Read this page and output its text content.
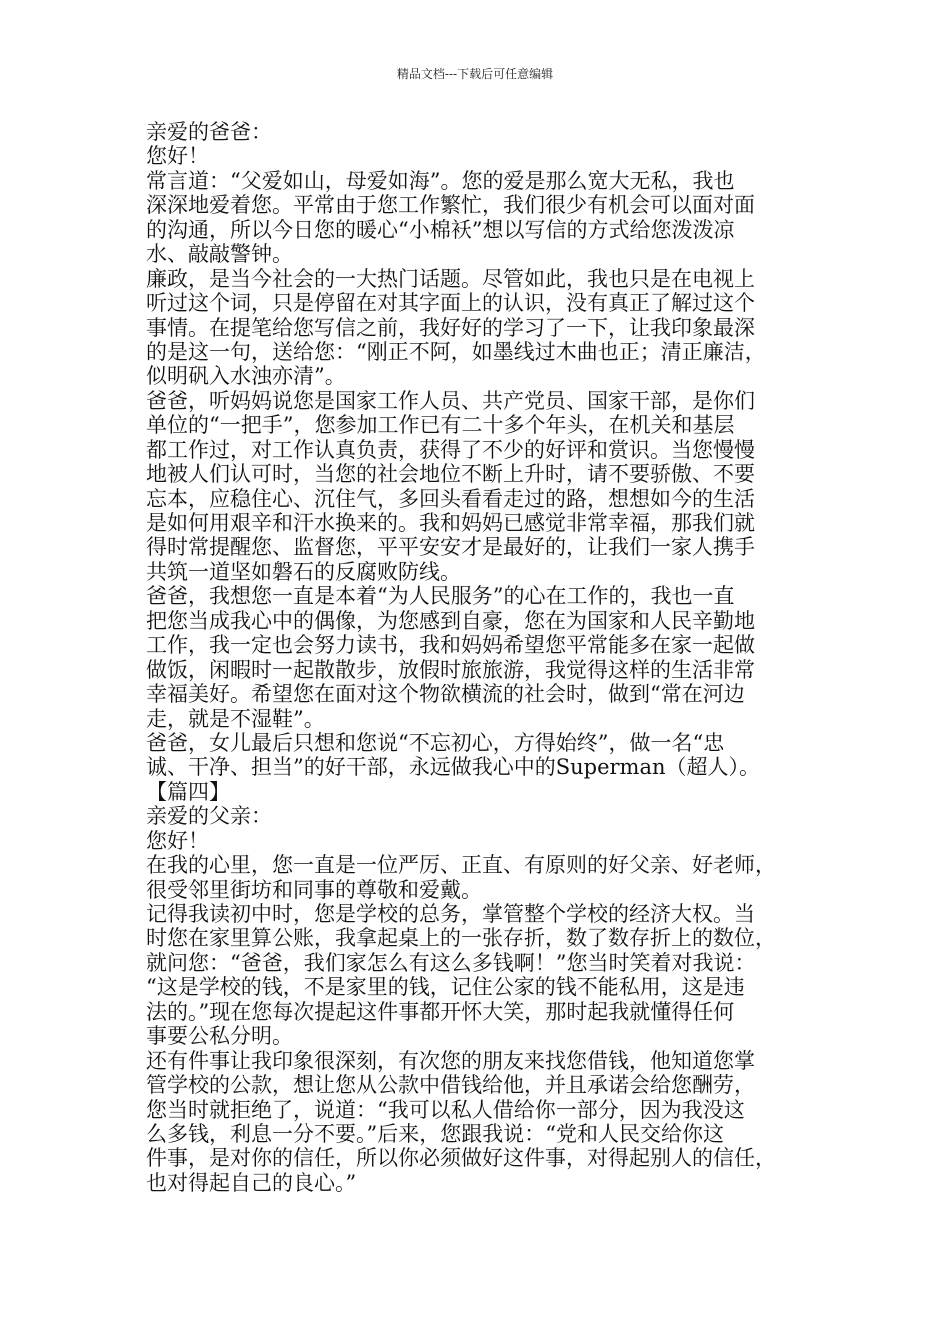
精品文档---下载后可任意编辑
亲爱的爸爸：
您好！
常言道：“父爱如山，母爱如海”。您的爱是那么宽大无私，我也
深深地爱着您。平常由于您工作繁忙，我们很少有机会可以面对面
的沟通，所以今日您的暖心“小棉袄”想以写信的方式给您泼泼凉
水、敲敲警钟。
廉政，是当今社会的一大热门话题。尽管如此，我也只是在电视上
听过这个词，只是停留在对其字面上的认识，没有真正了解过这个
事情。在提笔给您写信之前，我好好的学习了一下，让我印象最深
的是这一句，送给您：“刚正不阿，如墨线过木曲也正；清正廉洁，
似明矾入水浊亦清”。
爸爸，听妈妈说您是国家工作人员、共产党员、国家干部，是你们
单位的“一把手”，您参加工作已有二十多个年头，在机关和基层
都工作过，对工作认真负责，获得了不少的好评和赏识。当您慢慢
地被人们认可时，当您的社会地位不断上升时，请不要骄傲、不要
忘本，应稳住心、沉住气，多回头看看走过的路，想想如今的生活
是如何用艰辛和汗水换来的。我和妈妈已感觉非常幸福，那我们就
得时常提醒您、监督您，平平安安才是最好的，让我们一家人携手
共筑一道坚如磐石的反腐败防线。
爸爸，我想您一直是本着“为人民服务”的心在工作的，我也一直
把您当成我心中的偶像，为您感到自豪，您在为国家和人民辛勤地
工作，我一定也会努力读书，我和妈妈希望您平常能多在家一起做
做饭，闲暇时一起散散步，放假时旅旅游，我觉得这样的生活非常
幸福美好。希望您在面对这个物欲横流的社会时，做到“常在河边
走，就是不湿鞋”。
爸爸，女儿最后只想和您说“不忘初心，方得始终”，做一名“忠
诚、干净、担当”的好干部，永远做我心中的Superman（超人）。
【篇四】
亲爱的父亲：
您好！
在我的心里，您一直是一位严厉、正直、有原则的好父亲、好老师，
很受邻里街坊和同事的尊敬和爱戴。
记得我读初中时，您是学校的总务，掌管整个学校的经济大权。当
时您在家里算公账，我拿起桌上的一张存折，数了数存折上的数位，
就问您：“爸爸，我们家怎么有这么多钱啊！”您当时笑着对我说：
“这是学校的钱，不是家里的钱，记住公家的钱不能私用，这是违
法的。”现在您每次提起这件事都开怀大笑，那时起我就懂得任何
事要公私分明。
还有件事让我印象很深刻，有次您的朋友来找您借钱，他知道您掌
管学校的公款，想让您从公款中借钱给他，并且承诺会给您酬劳，
您当时就拒绝了，说道：“我可以私人借给你一部分，因为我没这
么多钱，利息一分不要。”后来，您跟我说：“党和人民交给你这
件事，是对你的信任，所以你必须做好这件事，对得起别人的信任，
也对得起自己的良心。”
